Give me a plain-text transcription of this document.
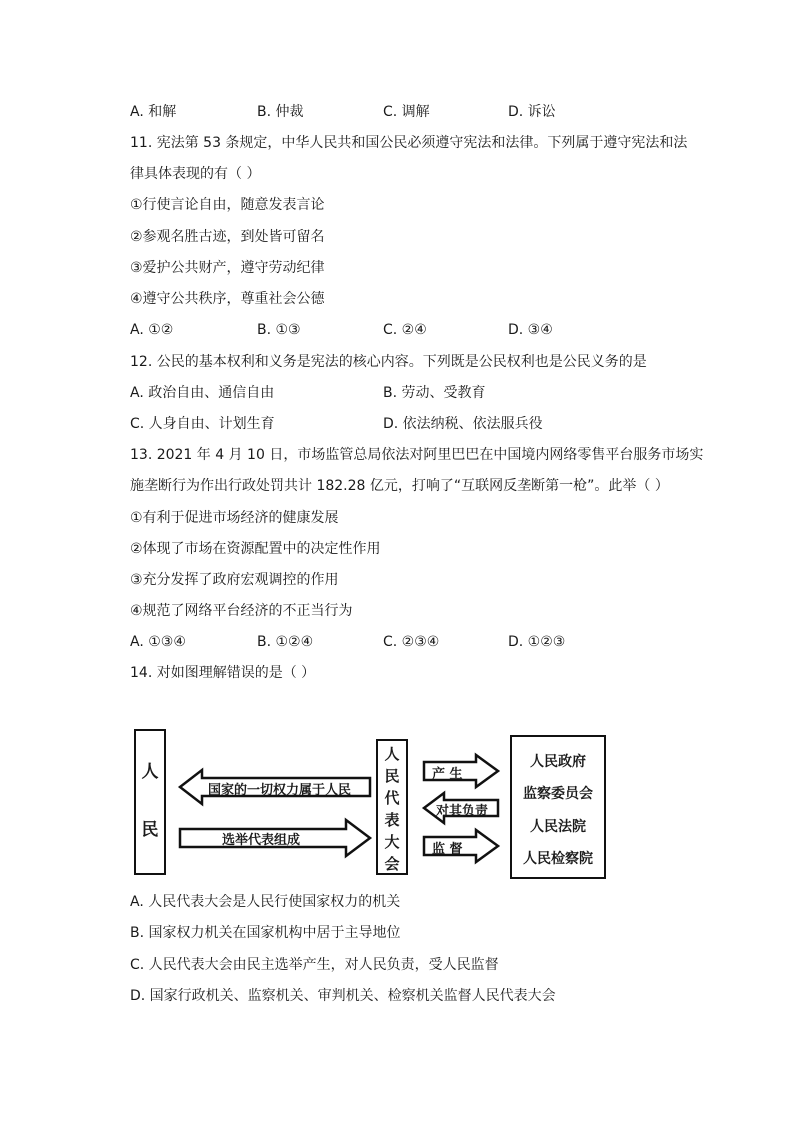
A. 和解	B. 仲裁	C. 调解	D. 诉讼
11. 宪法第 53 条规定，中华人民共和国公民必须遵守宪法和法律。下列属于遵守宪法和法
律具体表现的有（ ）
①行使言论自由，随意发表言论
②参观名胜古迹，到处皆可留名
③爱护公共财产，遵守劳动纪律
④遵守公共秩序，尊重社会公德
A. ①②	B. ①③	C. ②④	D. ③④
12. 公民的基本权利和义务是宪法的核心内容。下列既是公民权利也是公民义务的是
A. 政治自由、通信自由	B. 劳动、受教育
C. 人身自由、计划生育	D. 依法纳税、依法服兵役
13. 2021 年 4 月 10 日，市场监管总局依法对阿里巴巴在中国境内网络零售平台服务市场实
施垄断行为作出行政处罚共计 182.28 亿元，打响了“互联网反垄断第一枪”。此举（ ）
①有利于促进市场经济的健康发展
②体现了市场在资源配置中的决定性作用
③充分发挥了政府宏观调控的作用
④规范了网络平台经济的不正当行为
A. ①③④	B. ①②④	C. ②③④	D. ①②③
14. 对如图理解错误的是（ ）
人
民
国家的一切权力属于人民
选举代表组成
人
民
代
表
大
会
产 生
对其负责
监 督
人民政府
监察委员会
人民法院
人民检察院
A. 人民代表大会是人民行使国家权力的机关
B. 国家权力机关在国家机构中居于主导地位
C. 人民代表大会由民主选举产生，对人民负责，受人民监督
D. 国家行政机关、监察机关、审判机关、检察机关监督人民代表大会
